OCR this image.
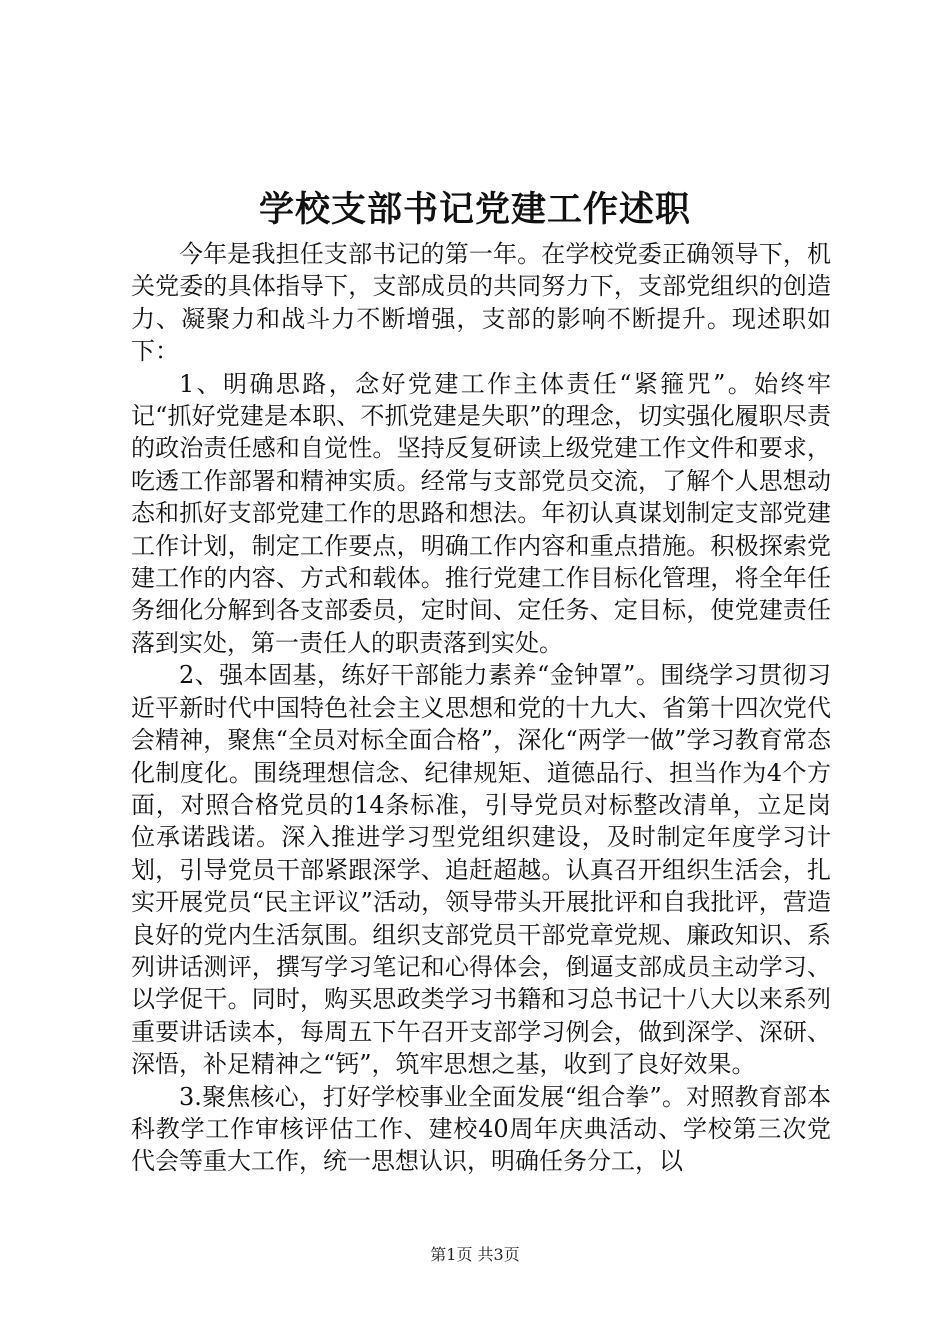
学校支部书记党建工作述职

今年是我担任支部书记的第一年。在学校党委正确领导下，机关党委的具体指导下，支部成员的共同努力下，支部党组织的创造力、凝聚力和战斗力不断增强，支部的影响不断提升。现述职如下：

1、明确思路，念好党建工作主体责任“紧箍咒”。始终牢记“抓好党建是本职、不抓党建是失职”的理念，切实强化履职尽责的政治责任感和自觉性。坚持反复研读上级党建工作文件和要求，吃透工作部署和精神实质。经常与支部党员交流，了解个人思想动态和抓好支部党建工作的思路和想法。年初认真谋划制定支部党建工作计划，制定工作要点，明确工作内容和重点措施。积极探索党建工作的内容、方式和载体。推行党建工作目标化管理，将全年任务细化分解到各支部委员，定时间、定任务、定目标，使党建责任落到实处，第一责任人的职责落到实处。

2、强本固基，练好干部能力素养“金钟罩”。围绕学习贯彻习近平新时代中国特色社会主义思想和党的十九大、省第十四次党代会精神，聚焦“全员对标全面合格”，深化“两学一做”学习教育常态化制度化。围绕理想信念、纪律规矩、道德品行、担当作为4个方面，对照合格党员的14条标准，引导党员对标整改清单，立足岗位承诺践诺。深入推进学习型党组织建设，及时制定年度学习计划，引导党员干部紧跟深学、追赶超越。认真召开组织生活会，扎实开展党员“民主评议”活动，领导带头开展批评和自我批评，营造良好的党内生活氛围。组织支部党员干部党章党规、廉政知识、系列讲话测评，撰写学习笔记和心得体会，倒逼支部成员主动学习、以学促干。同时，购买思政类学习书籍和习总书记十八大以来系列重要讲话读本，每周五下午召开支部学习例会，做到深学、深研、深悟，补足精神之“钙”，筑牢思想之基，收到了良好效果。

3.聚焦核心，打好学校事业全面发展“组合拳”。对照教育部本科教学工作审核评估工作、建校40周年庆典活动、学校第三次党代会等重大工作，统一思想认识，明确任务分工，以

第1页 共3页
